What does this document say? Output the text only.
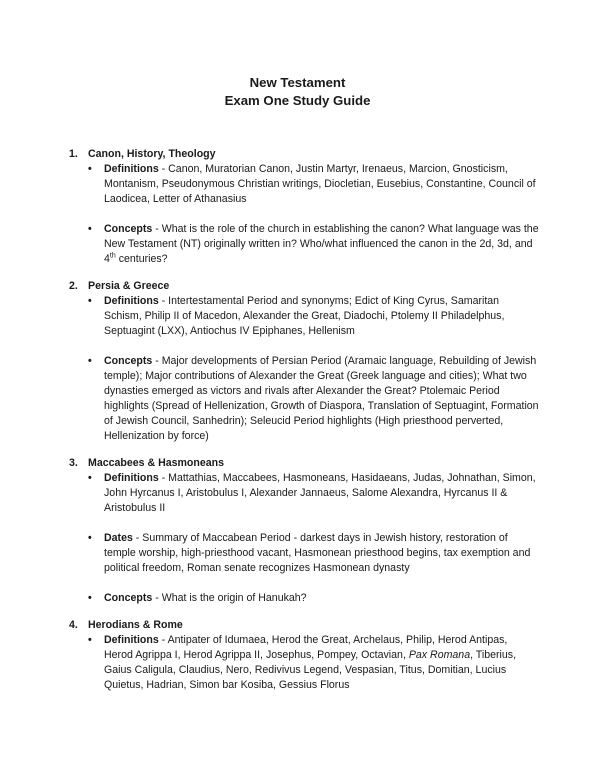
New Testament
Exam One Study Guide
1. Canon, History, Theology
•	Definitions - Canon, Muratorian Canon, Justin Martyr, Irenaeus, Marcion, Gnosticism, Montanism, Pseudonymous Christian writings, Diocletian, Eusebius, Constantine, Council of Laodicea, Letter of Athanasius
•	Concepts - What is the role of the church in establishing the canon? What language was the New Testament (NT) originally written in? Who/what influenced the canon in the 2d, 3d, and 4th centuries?
2. Persia & Greece
•	Definitions - Intertestamental Period and synonyms; Edict of King Cyrus, Samaritan Schism, Philip II of Macedon, Alexander the Great, Diadochi, Ptolemy II Philadelphus, Septuagint (LXX), Antiochus IV Epiphanes, Hellenism
•	Concepts - Major developments of Persian Period (Aramaic language, Rebuilding of Jewish temple); Major contributions of Alexander the Great (Greek language and cities); What two dynasties emerged as victors and rivals after Alexander the Great? Ptolemaic Period highlights (Spread of Hellenization, Growth of Diaspora, Translation of Septuagint, Formation of Jewish Council, Sanhedrin); Seleucid Period highlights (High priesthood perverted, Hellenization by force)
3. Maccabees & Hasmoneans
•	Definitions - Mattathias, Maccabees, Hasmoneans, Hasidaeans, Judas, Johnathan, Simon, John Hyrcanus I, Aristobulus I, Alexander Jannaeus, Salome Alexandra, Hyrcanus II & Aristobulus II
•	Dates - Summary of Maccabean Period - darkest days in Jewish history, restoration of temple worship, high-priesthood vacant, Hasmonean priesthood begins, tax exemption and political freedom, Roman senate recognizes Hasmonean dynasty
•	Concepts - What is the origin of Hanukah?
4. Herodians & Rome
•	Definitions - Antipater of Idumaea, Herod the Great, Archelaus, Philip, Herod Antipas, Herod Agrippa I, Herod Agrippa II, Josephus, Pompey, Octavian, Pax Romana, Tiberius, Gaius Caligula, Claudius, Nero, Redivivus Legend, Vespasian, Titus, Domitian, Lucius Quietus, Hadrian, Simon bar Kosiba, Gessius Florus
